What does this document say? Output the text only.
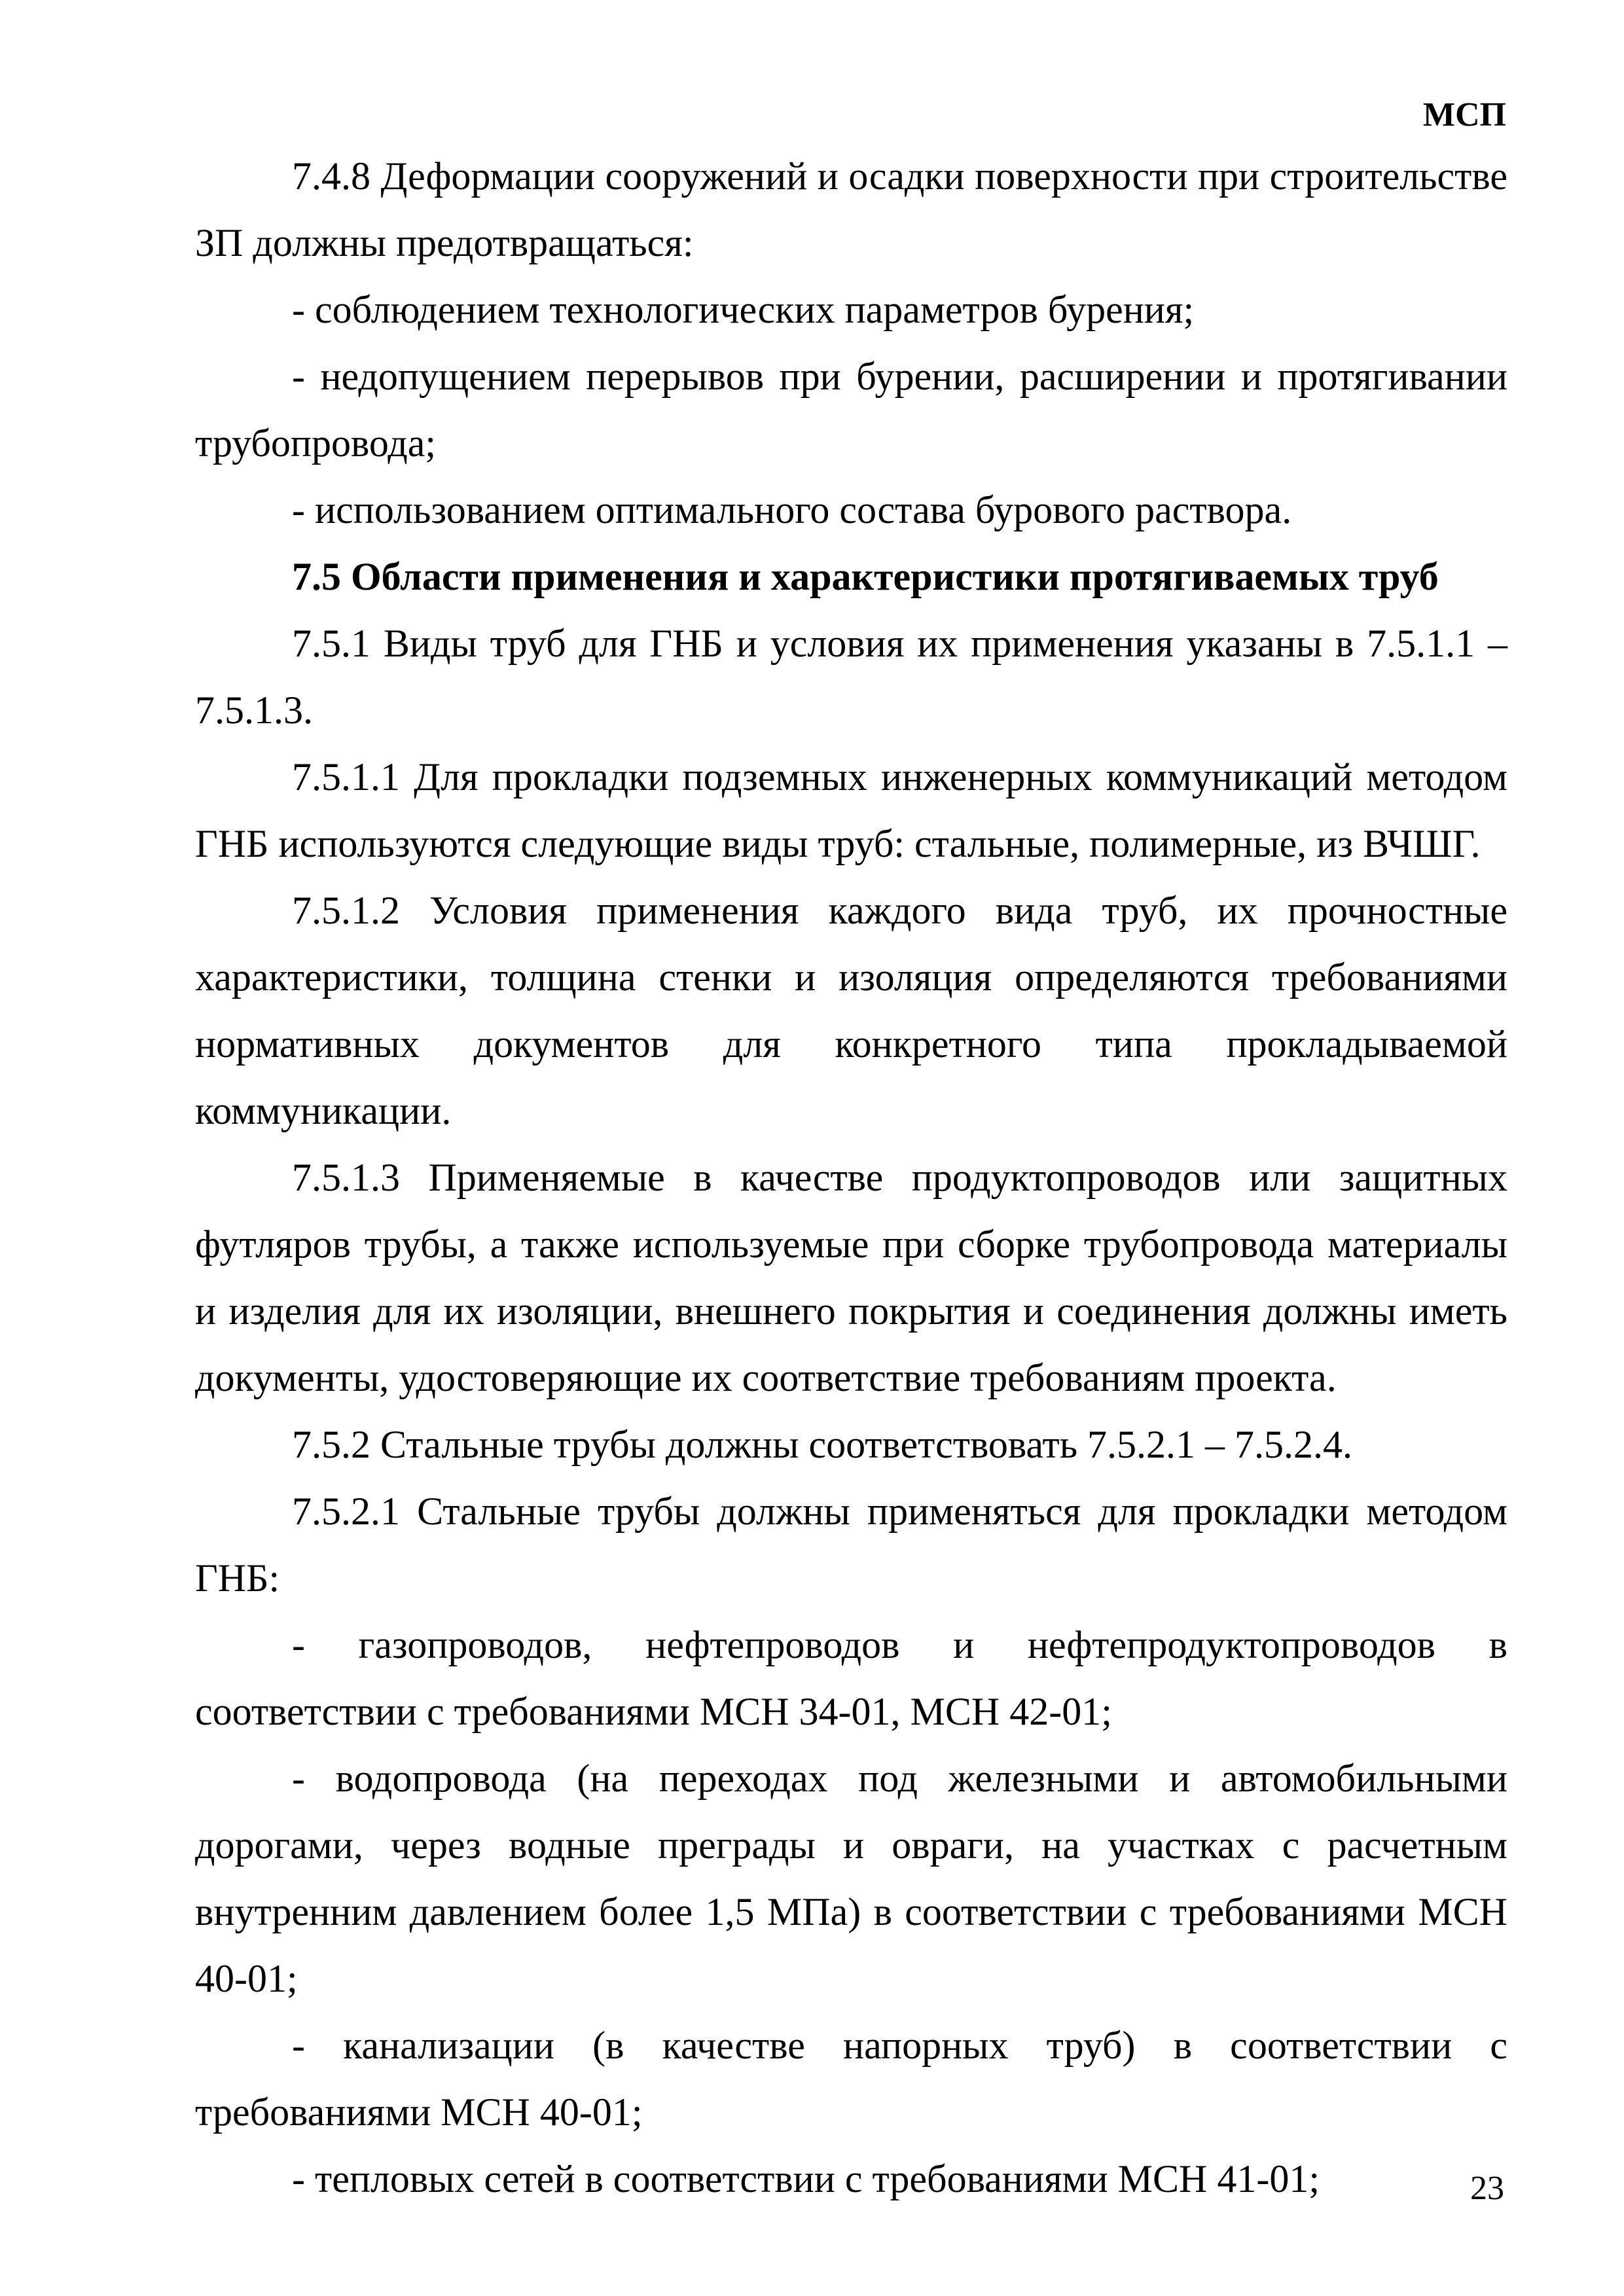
МСП

7.4.8 Деформации сооружений и осадки поверхности при строительстве ЗП должны предотвращаться:

- соблюдением технологических параметров бурения;

- недопущением перерывов при бурении, расширении и протягивании трубопровода;

- использованием оптимального состава бурового раствора.

7.5 Области применения и характеристики протягиваемых труб

7.5.1 Виды труб для ГНБ и условия их применения указаны в 7.5.1.1 – 7.5.1.3.

7.5.1.1 Для прокладки подземных инженерных коммуникаций методом ГНБ используются следующие виды труб: стальные, полимерные, из ВЧШГ.

7.5.1.2 Условия применения каждого вида труб, их прочностные характеристики, толщина стенки и изоляция определяются требованиями нормативных документов для конкретного типа прокладываемой коммуникации.

7.5.1.3 Применяемые в качестве продуктопроводов или защитных футляров трубы, а также используемые при сборке трубопровода материалы и изделия для их изоляции, внешнего покрытия и соединения должны иметь документы, удостоверяющие их соответствие требованиям проекта.

7.5.2 Стальные трубы должны соответствовать 7.5.2.1 – 7.5.2.4.

7.5.2.1 Стальные трубы должны применяться для прокладки методом ГНБ:

- газопроводов, нефтепроводов и нефтепродуктопроводов в соответствии с требованиями МСН 34-01, МСН 42-01;

- водопровода (на переходах под железными и автомобильными дорогами, через водные преграды и овраги, на участках с расчетным внутренним давлением более 1,5 МПа) в соответствии с требованиями МСН 40-01;

- канализации (в качестве напорных труб) в соответствии с требованиями МСН 40-01;

- тепловых сетей в соответствии с требованиями МСН 41-01;	23
